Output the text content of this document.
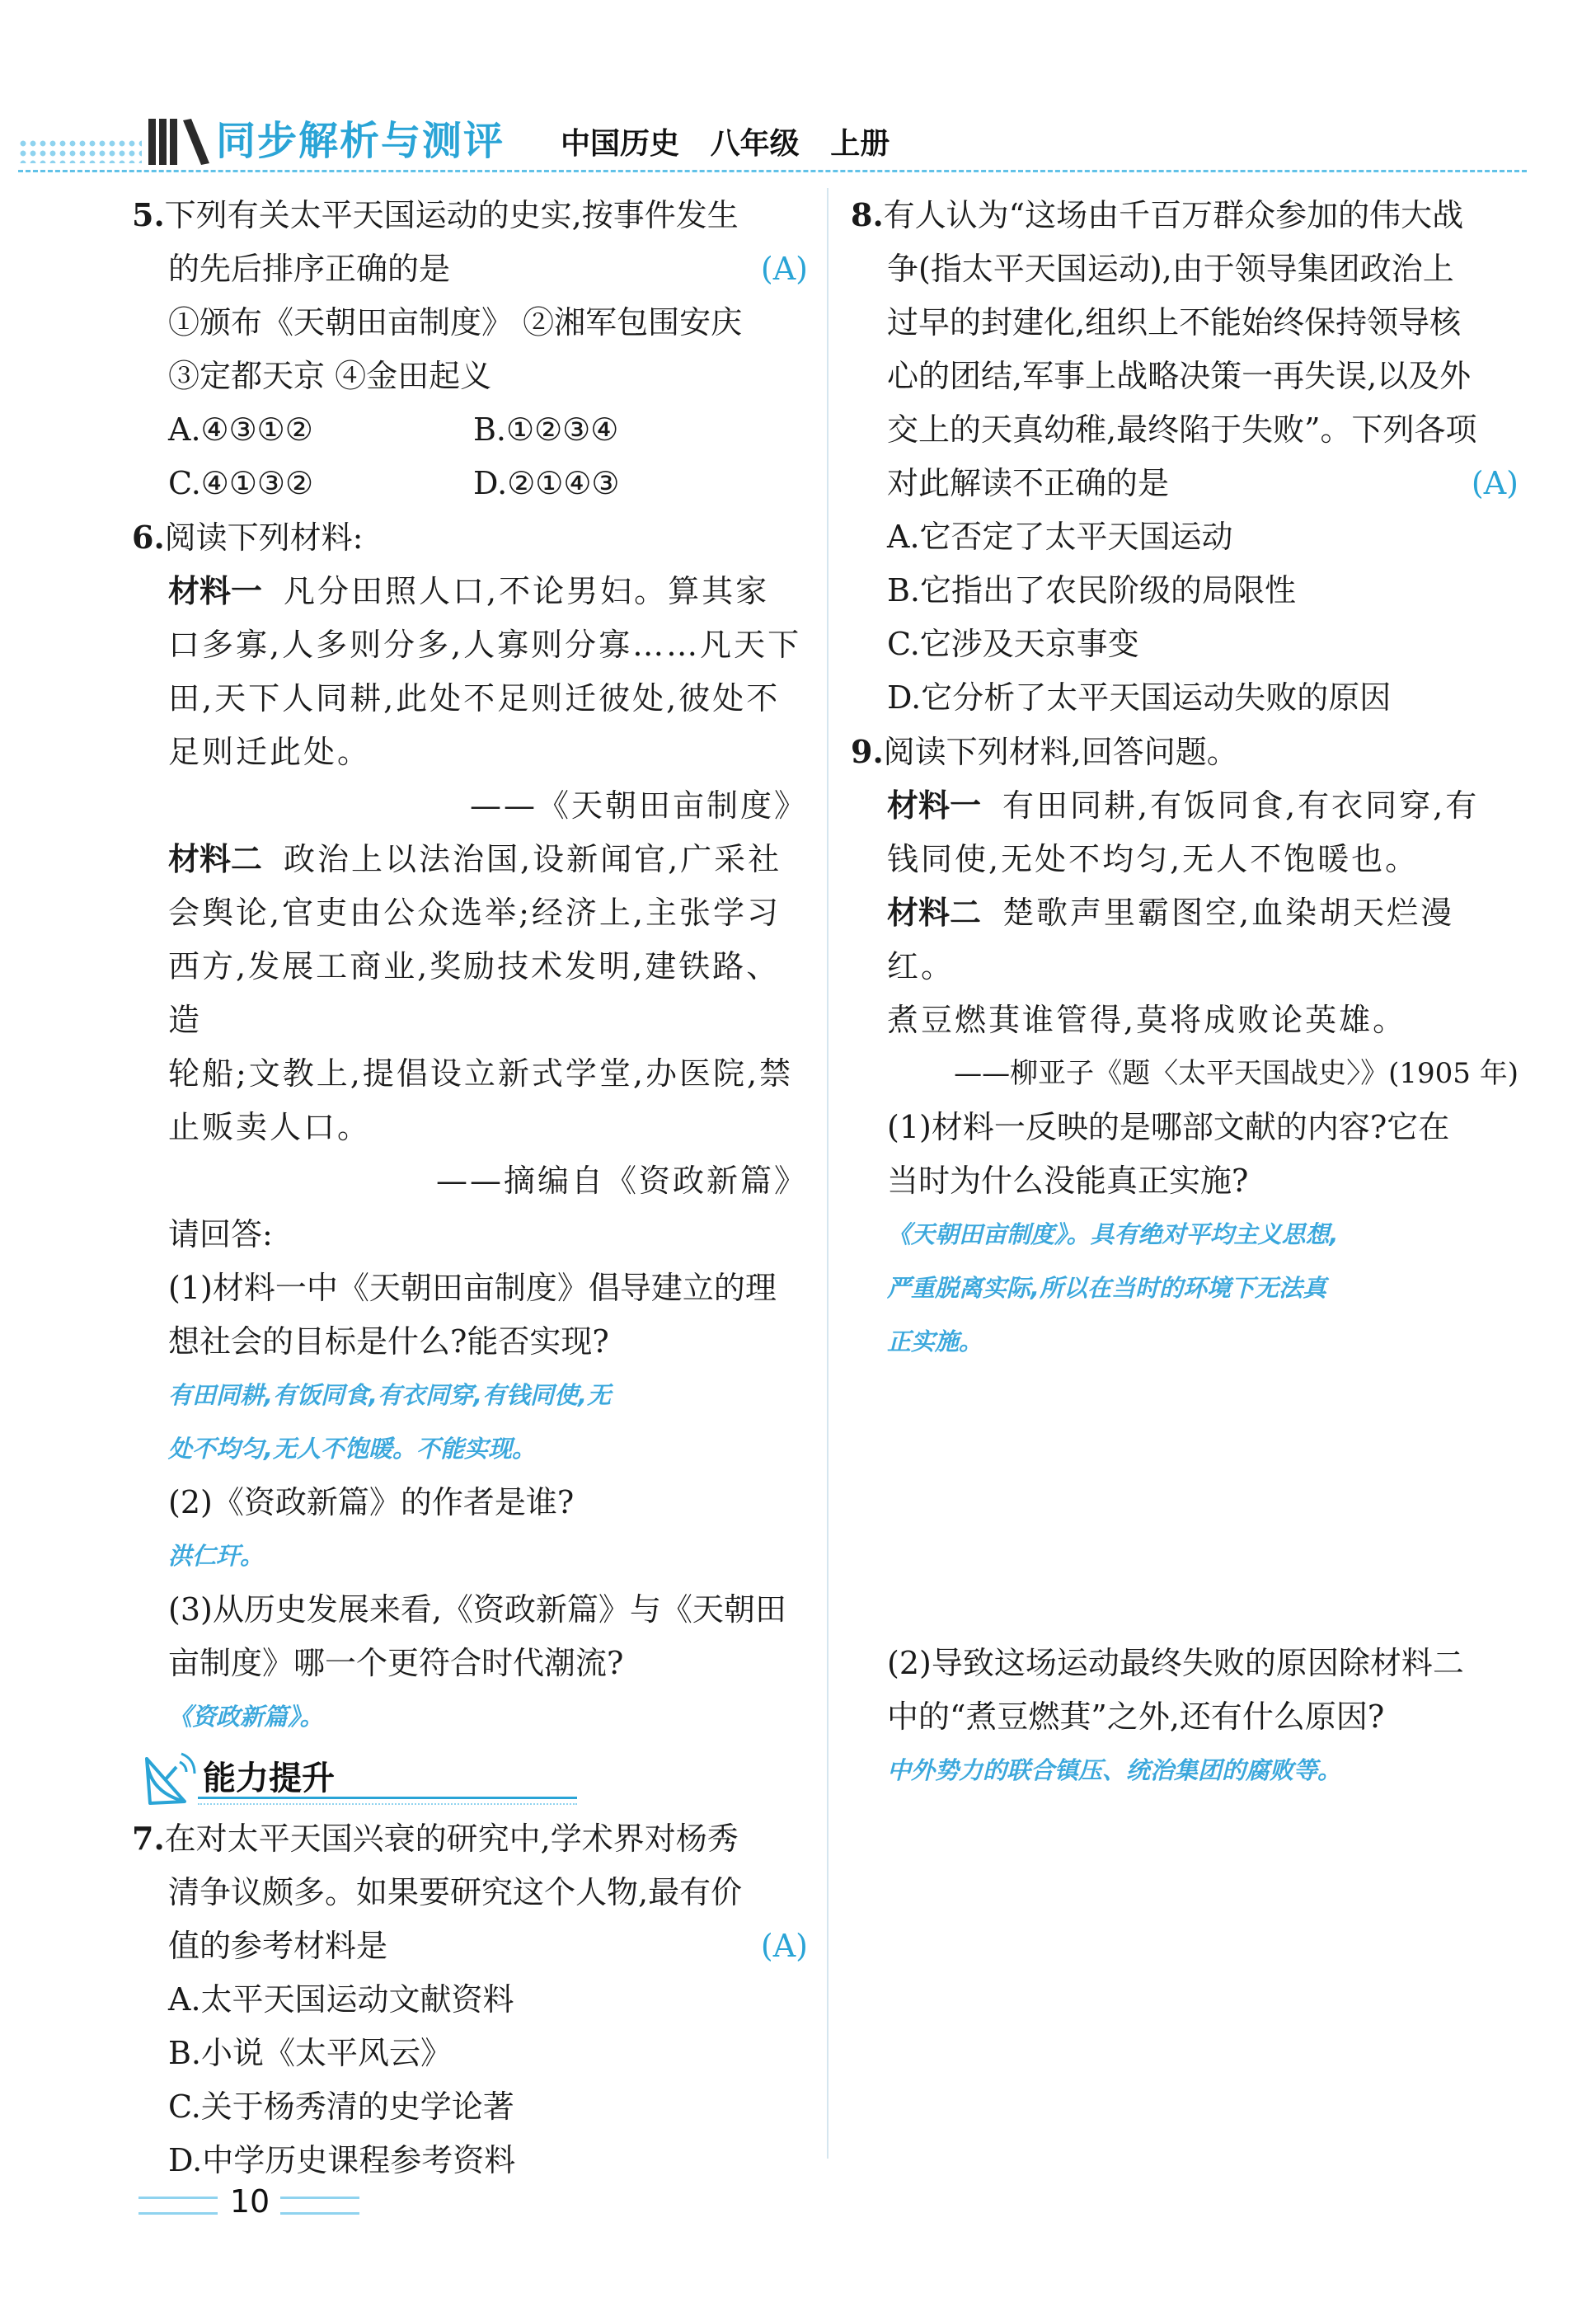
同步解析与测评 中国历史   八年级   上册

5.下列有关太平天国运动的史实,按事件发生

的先后排序正确的是	(A)

①颁布《天朝田亩制度》 ②湘军包围安庆

③定都天京 ④金田起义

A.④③①②	B.①②③④

C.④①③②	D.②①④③

6.阅读下列材料:

材料一 凡分田照人口,不论男妇。算其家

口多寡,人多则分多,人寡则分寡……凡天下

田,天下人同耕,此处不足则迁彼处,彼处不

足则迁此处。

——《天朝田亩制度》

材料二 政治上以法治国,设新闻官,广采社

会舆论,官吏由公众选举;经济上,主张学习

西方,发展工商业,奖励技术发明,建铁路、造

轮船;文教上,提倡设立新式学堂,办医院,禁

止贩卖人口。

——摘编自《资政新篇》

请回答:

(1)材料一中《天朝田亩制度》倡导建立的理

想社会的目标是什么?能否实现?

有田同耕,有饭同食,有衣同穿,有钱同使,无

处不均匀,无人不饱暖。不能实现。

(2)《资政新篇》的作者是谁?

洪仁玕。

(3)从历史发展来看,《资政新篇》与《天朝田

亩制度》哪一个更符合时代潮流?

《资政新篇》。

能力提升

7.在对太平天国兴衰的研究中,学术界对杨秀

清争议颇多。如果要研究这个人物,最有价

值的参考材料是	(A)

A.太平天国运动文献资料

B.小说《太平风云》

C.关于杨秀清的史学论著

D.中学历史课程参考资料

8.有人认为“这场由千百万群众参加的伟大战

争(指太平天国运动),由于领导集团政治上

过早的封建化,组织上不能始终保持领导核

心的团结,军事上战略决策一再失误,以及外

交上的天真幼稚,最终陷于失败”。下列各项

对此解读不正确的是	(A)

A.它否定了太平天国运动

B.它指出了农民阶级的局限性

C.它涉及天京事变

D.它分析了太平天国运动失败的原因

9.阅读下列材料,回答问题。

材料一 有田同耕,有饭同食,有衣同穿,有

钱同使,无处不均匀,无人不饱暖也。

材料二 楚歌声里霸图空,血染胡天烂漫红。

煮豆燃萁谁管得,莫将成败论英雄。

——柳亚子《题〈太平天国战史〉》(1905 年)

(1)材料一反映的是哪部文献的内容?它在

当时为什么没能真正实施?

《天朝田亩制度》。具有绝对平均主义思想,

严重脱离实际,所以在当时的环境下无法真

正实施。

(2)导致这场运动最终失败的原因除材料二

中的“煮豆燃萁”之外,还有什么原因?

中外势力的联合镇压、统治集团的腐败等。

10
